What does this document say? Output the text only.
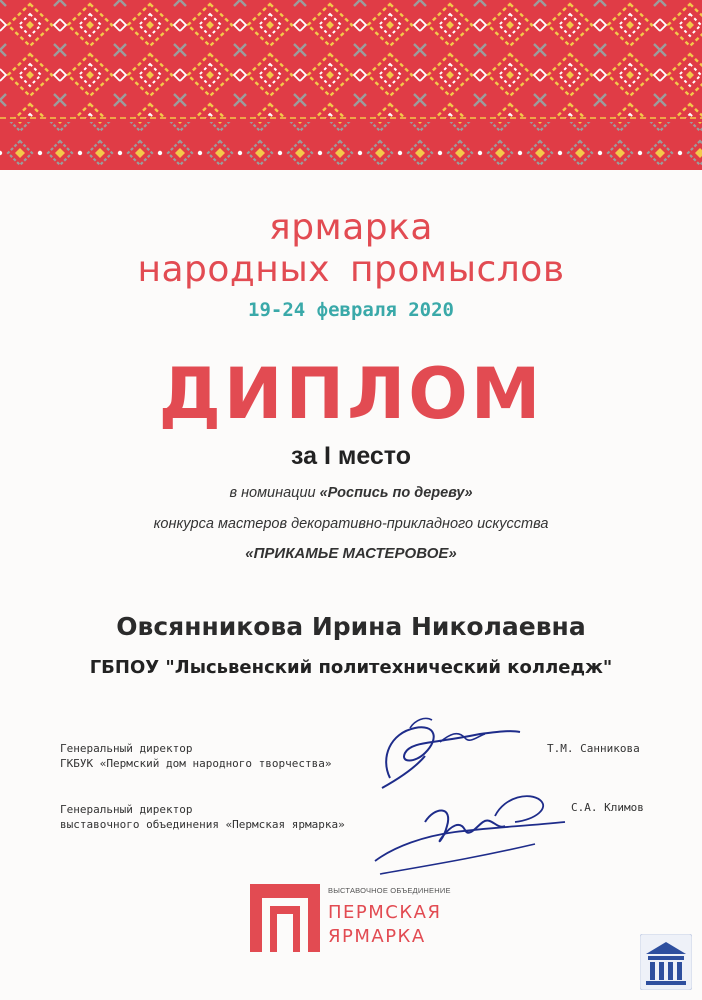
ярмарка
народных промыслов
19-24 февраля 2020
ДИПЛОМ
за I место
в номинации «Роспись по дереву»
конкурса мастеров декоративно-прикладного искусства
«ПРИКАМЬЕ МАСТЕРОВОЕ»
Овсянникова Ирина Николаевна
ГБПОУ "Лысьвенский политехнический колледж"
Генеральный директор
ГКБУК «Пермский дом народного творчества»
Т.М. Санникова
Генеральный директор
выставочного объединения «Пермская ярмарка»
С.А. Климов
ВЫСТАВОЧНОЕ ОБЪЕДИНЕНИЕ
ПЕРМСКАЯ
ЯРМАРКА
